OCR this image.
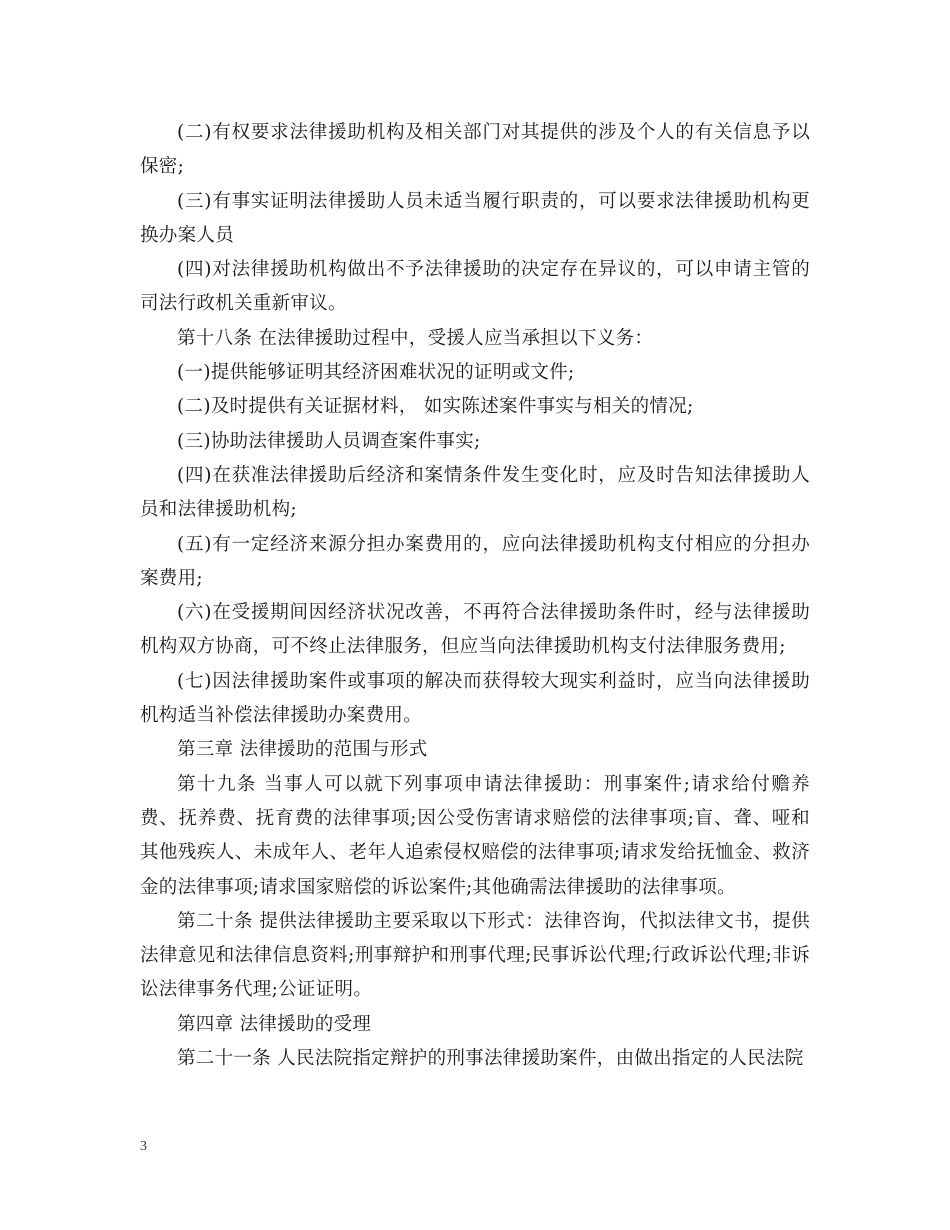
(二)有权要求法律援助机构及相关部门对其提供的涉及个人的有关信息予以保密;

(三)有事实证明法律援助人员未适当履行职责的，可以要求法律援助机构更换办案人员

(四)对法律援助机构做出不予法律援助的决定存在异议的，可以申请主管的司法行政机关重新审议。

第十八条 在法律援助过程中，受援人应当承担以下义务：

(一)提供能够证明其经济困难状况的证明或文件;

(二)及时提供有关证据材料， 如实陈述案件事实与相关的情况;

(三)协助法律援助人员调查案件事实;

(四)在获准法律援助后经济和案情条件发生变化时，应及时告知法律援助人员和法律援助机构;

(五)有一定经济来源分担办案费用的，应向法律援助机构支付相应的分担办案费用;

(六)在受援期间因经济状况改善，不再符合法律援助条件时，经与法律援助机构双方协商，可不终止法律服务，但应当向法律援助机构支付法律服务费用;

(七)因法律援助案件或事项的解决而获得较大现实利益时，应当向法律援助机构适当补偿法律援助办案费用。

第三章 法律援助的范围与形式

第十九条 当事人可以就下列事项申请法律援助：刑事案件;请求给付赡养费、抚养费、抚育费的法律事项;因公受伤害请求赔偿的法律事项;盲、聋、哑和其他残疾人、未成年人、老年人追索侵权赔偿的法律事项;请求发给抚恤金、救济金的法律事项;请求国家赔偿的诉讼案件;其他确需法律援助的法律事项。

第二十条 提供法律援助主要采取以下形式：法律咨询，代拟法律文书，提供法律意见和法律信息资料;刑事辩护和刑事代理;民事诉讼代理;行政诉讼代理;非诉讼法律事务代理;公证证明。

第四章 法律援助的受理

第二十一条 人民法院指定辩护的刑事法律援助案件，由做出指定的人民法院

3
